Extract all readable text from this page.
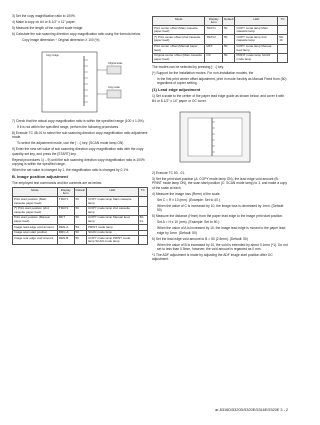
3) Set the copy magnification ratio to 100%.

4) Make a copy on A4 or 8-1/2" x 11" paper.

5) Measure the length of the copied scale image.

6) Calculate the sub scanning direction copy magnification ratio using the formula below.

Copy image dimension ÷ Original dimension X 100 (%)
Original scale
Copy scale
Copy image

7) Check that the actual copy magnification ratio is within the specified range (100 ± 1.0%).

If it is not within the specified range, perform the following procedures.

8) Execute TC 48-01 to select the sub scanning direction copy magnification ratio adjustment mode.

To select the adjustment mode, use the [↑ ↓] key. (SCAN mode lamp ON)

9) Enter the new set value of sub scanning direction copy magnification ratio with the copy quantity set key, and press the [START] key.

Repeat procedures 1) – 9) until the sub scanning direction copy magnification ratio is 100% copying is within the specified range.

When the set value is changed by 1, the magnification ratio is changed by 0.1%.

B. Image position adjustment

The employed test commands and the contents are as below:

Mode	Display item	Default	LED	TC
Print start position (Main cassette paper feed)	TRAY1	50	COPY mode lamp Main cassette lamp	
(*) Print start position (2nd cassette paper feed)	TRAY2	50	COPY mode lamp 2nd cassette lamp	
Print start position (Manual paper feed)	MFT	50	COPY mode lamp Manual feed lamp	50-01
Image lead edge void amount	DEN-A	50	PRINT mode lamp	
Image scan start position	RRC-A	50	SCAN mode lamp	
Image rear edge void amount	DEN-B	50	COPY mode lamp PRINT mode lamp SCAN mode lamp	
Mode	Display item	Default	LED	TC
Print center offset (Main cassette paper feed)	TRAY1	50	COPY mode lamp Main cassette lamp	
(*) Print center offset (2nd cassette paper feed)	TRAY2	50	COPY mode lamp 2nd cassette lamp	50-10
Print center offset (Manual paper feed)	MFT	50	COPY mode lamp Manual feed lamp	
Original center offset (Main cassette paper feed)	OC	50	PRINT mode lamp SCAN mode lamp	

The modes can be selected by pressing [↑ ↓] key.

(*) Support for the installation modes. For non-installation models, the

In the first print center offset adjustment, print in mode forcibly as Manual Fixed from (50) regardless of copier setting.

(1) Lead edge adjustment

1) Set a scale to the center of the paper lead edge guide as shown below, and cover it with B4 or 8-1/2" x 14" paper or OC cover.

2) Execute TC 50 - 01.

3) Set the print start position (A: COPY mode lamp ON), the lead edge void amount (B: PRINT mode lamp ON), the scan start position (C: SCAN mode lamp) to 1, and make a copy of the scale at each.

4) Measure the image loss (Rmm) of the scale.

Set C = R x 10 (mm). (Example: Set to 40.)

When the value of C is increased by 10, the image loss is decreased by 1mm. (Default: 50)

5) Measure the distance (Hmm) from the paper lead edge to the image print start position.

Set A = H x 10 (mm). (Example: Set to 50.)

When the value of A is increased by 10, the image lead edge is moved to the paper lead edge by 1mm. (Default: 50)

6) Set the lead edge void amount to B = 50 (2.5mm). (Default: 50)

When the value of B is increased by 10, the void is extended by about 0.1mm (*1). Do not set to less than 0.5mm, however, the void amount is regarded as 0 mm.

*1 The ADF adjustment is made by adjusting the ADF image start position after OC adjustment.

ar-5316D/5320D/5320E/5316E/5320E 3 - 2
